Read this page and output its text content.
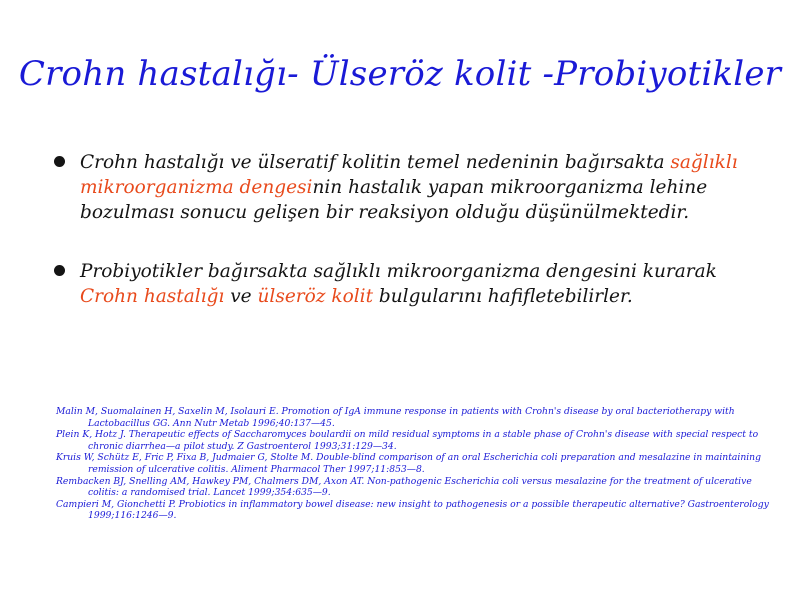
Crohn hastalığı- Ülseröz kolit -Probiyotikler
Crohn hastalığı ve ülseratif kolitin temel nedeninin bağırsakta sağlıklı mikroorganizma dengesinin hastalık yapan mikroorganizma lehine bozulması sonucu gelişen bir reaksiyon olduğu düşünülmektedir.
Probiyotikler bağırsakta sağlıklı mikroorganizma dengesini kurarak Crohn hastalığı ve ülseröz kolit bulgularını hafifletebilirler.

Malin M, Suomalainen H, Saxelin M, Isolauri E. Promotion of IgA immune response in patients with Crohn's disease by oral bacteriotherapy with Lactobacillus GG. Ann Nutr Metab 1996;40:137—45.

Plein K, Hotz J. Therapeutic effects of Saccharomyces boulardii on mild residual symptoms in a stable phase of Crohn's disease with special respect to chronic diarrhea—a pilot study. Z Gastroenterol 1993;31:129—34.

Kruis W, Schütz E, Fric P, Fixa B, Judmaier G, Stolte M. Double-blind comparison of an oral Escherichia coli preparation and mesalazine in maintaining remission of ulcerative colitis. Aliment Pharmacol Ther 1997;11:853—8.

Rembacken BJ, Snelling AM, Hawkey PM, Chalmers DM, Axon AT. Non-pathogenic Escherichia coli versus mesalazine for the treatment of ulcerative colitis: a randomised trial. Lancet 1999;354:635—9.

Campieri M, Gionchetti P. Probiotics in inflammatory bowel disease: new insight to pathogenesis or a possible therapeutic alternative? Gastroenterology 1999;116:1246—9.
